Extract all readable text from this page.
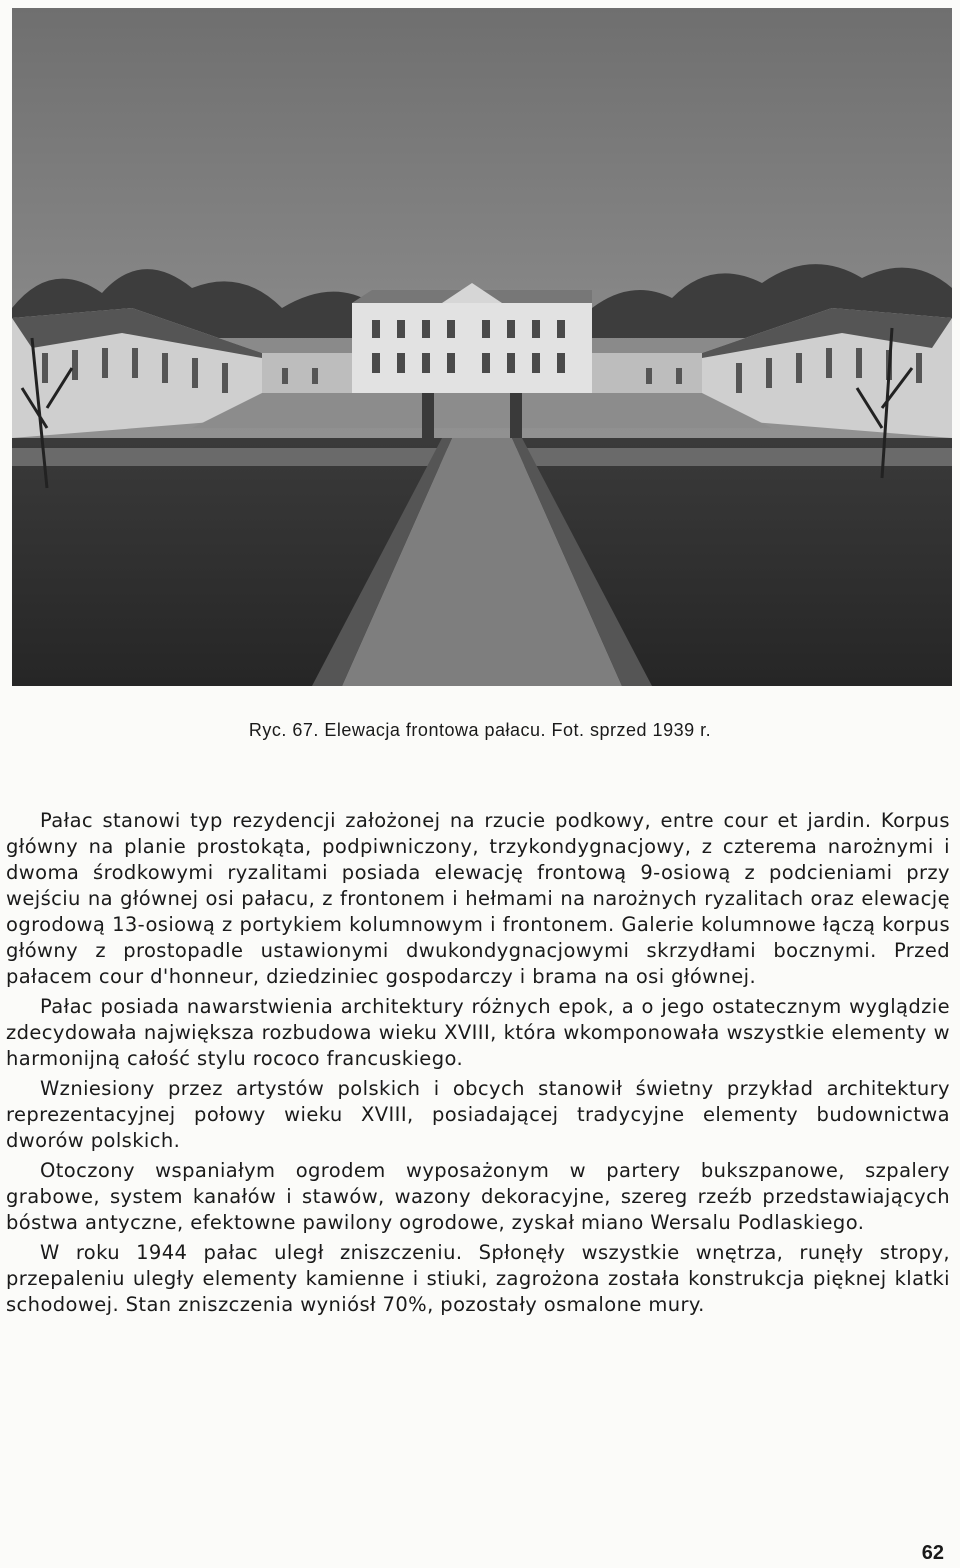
Ryc. 67. Elewacja frontowa pałacu. Fot. sprzed 1939 r.

Pałac stanowi typ rezydencji założonej na rzucie podkowy, entre cour et jardin. Korpus główny na planie prostokąta, podpiwniczony, trzykondygnacjowy, z czterema narożnymi i dwoma środkowymi ryzalitami posiada elewację frontową 9-osiową z podcieniami przy wejściu na głównej osi pałacu, z frontonem i hełmami na narożnych ryzalitach oraz elewację ogrodową 13-osiową z portykiem kolumnowym i frontonem. Galerie kolumnowe łączą korpus główny z prostopadle ustawionymi dwukondygnacjowymi skrzydłami bocznymi. Przed pałacem cour d'honneur, dziedziniec gospodarczy i brama na osi głównej.

Pałac posiada nawarstwienia architektury różnych epok, a o jego ostatecznym wyglądzie zdecydowała największa rozbudowa wieku XVIII, która wkomponowała wszystkie elementy w harmonijną całość stylu rococo francuskiego.

Wzniesiony przez artystów polskich i obcych stanowił świetny przykład architektury reprezentacyjnej połowy wieku XVIII, posiadającej tradycyjne elementy budownictwa dworów polskich.

Otoczony wspaniałym ogrodem wyposażonym w partery bukszpanowe, szpalery grabowe, system kanałów i stawów, wazony dekoracyjne, szereg rzeźb przedstawiających bóstwa antyczne, efektowne pawilony ogrodowe, zyskał miano Wersalu Podlaskiego.

W roku 1944 pałac uległ zniszczeniu. Spłonęły wszystkie wnętrza, runęły stropy, przepaleniu uległy elementy kamienne i stiuki, zagrożona została konstrukcja pięknej klatki schodowej. Stan zniszczenia wyniósł 70%, pozostały osmalone mury.

62
